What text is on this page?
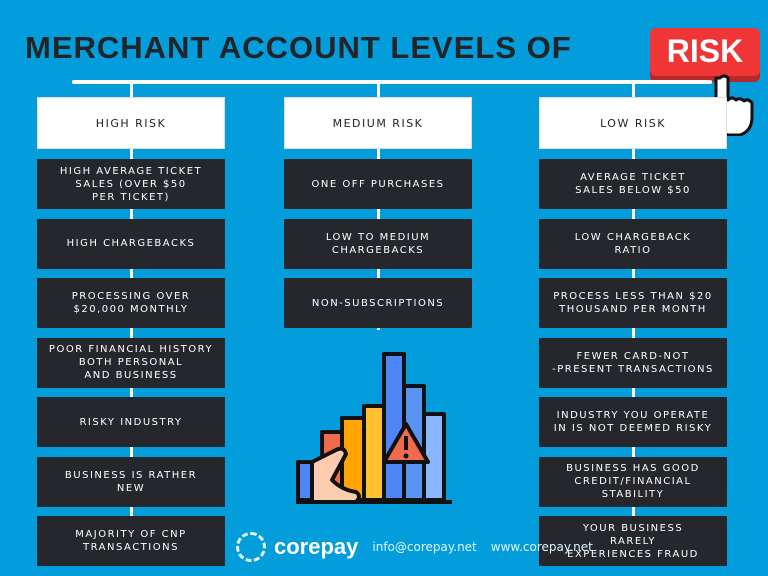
MERCHANT ACCOUNT LEVELS OF	RISK
HIGH RISK
HIGH AVERAGE TICKET
SALES (OVER $50
PER TICKET)
HIGH CHARGEBACKS
PROCESSING OVER
$20,000 MONTHLY
POOR FINANCIAL HISTORY
BOTH PERSONAL
AND BUSINESS
RISKY INDUSTRY
BUSINESS IS RATHER
NEW
MAJORITY OF CNP
TRANSACTIONS
MEDIUM RISK
ONE OFF PURCHASES
LOW TO MEDIUM
CHARGEBACKS
NON-SUBSCRIPTIONS
LOW RISK
AVERAGE TICKET
SALES BELOW $50
LOW CHARGEBACK
RATIO
PROCESS LESS THAN $20
THOUSAND PER MONTH
FEWER CARD-NOT
-PRESENT TRANSACTIONS
INDUSTRY YOU OPERATE
IN IS NOT DEEMED RISKY
BUSINESS HAS GOOD
CREDIT/FINANCIAL
STABILITY
YOUR BUSINESS
RARELY
EXPERIENCES FRAUD
corepay info@corepay.net www.corepay.net
